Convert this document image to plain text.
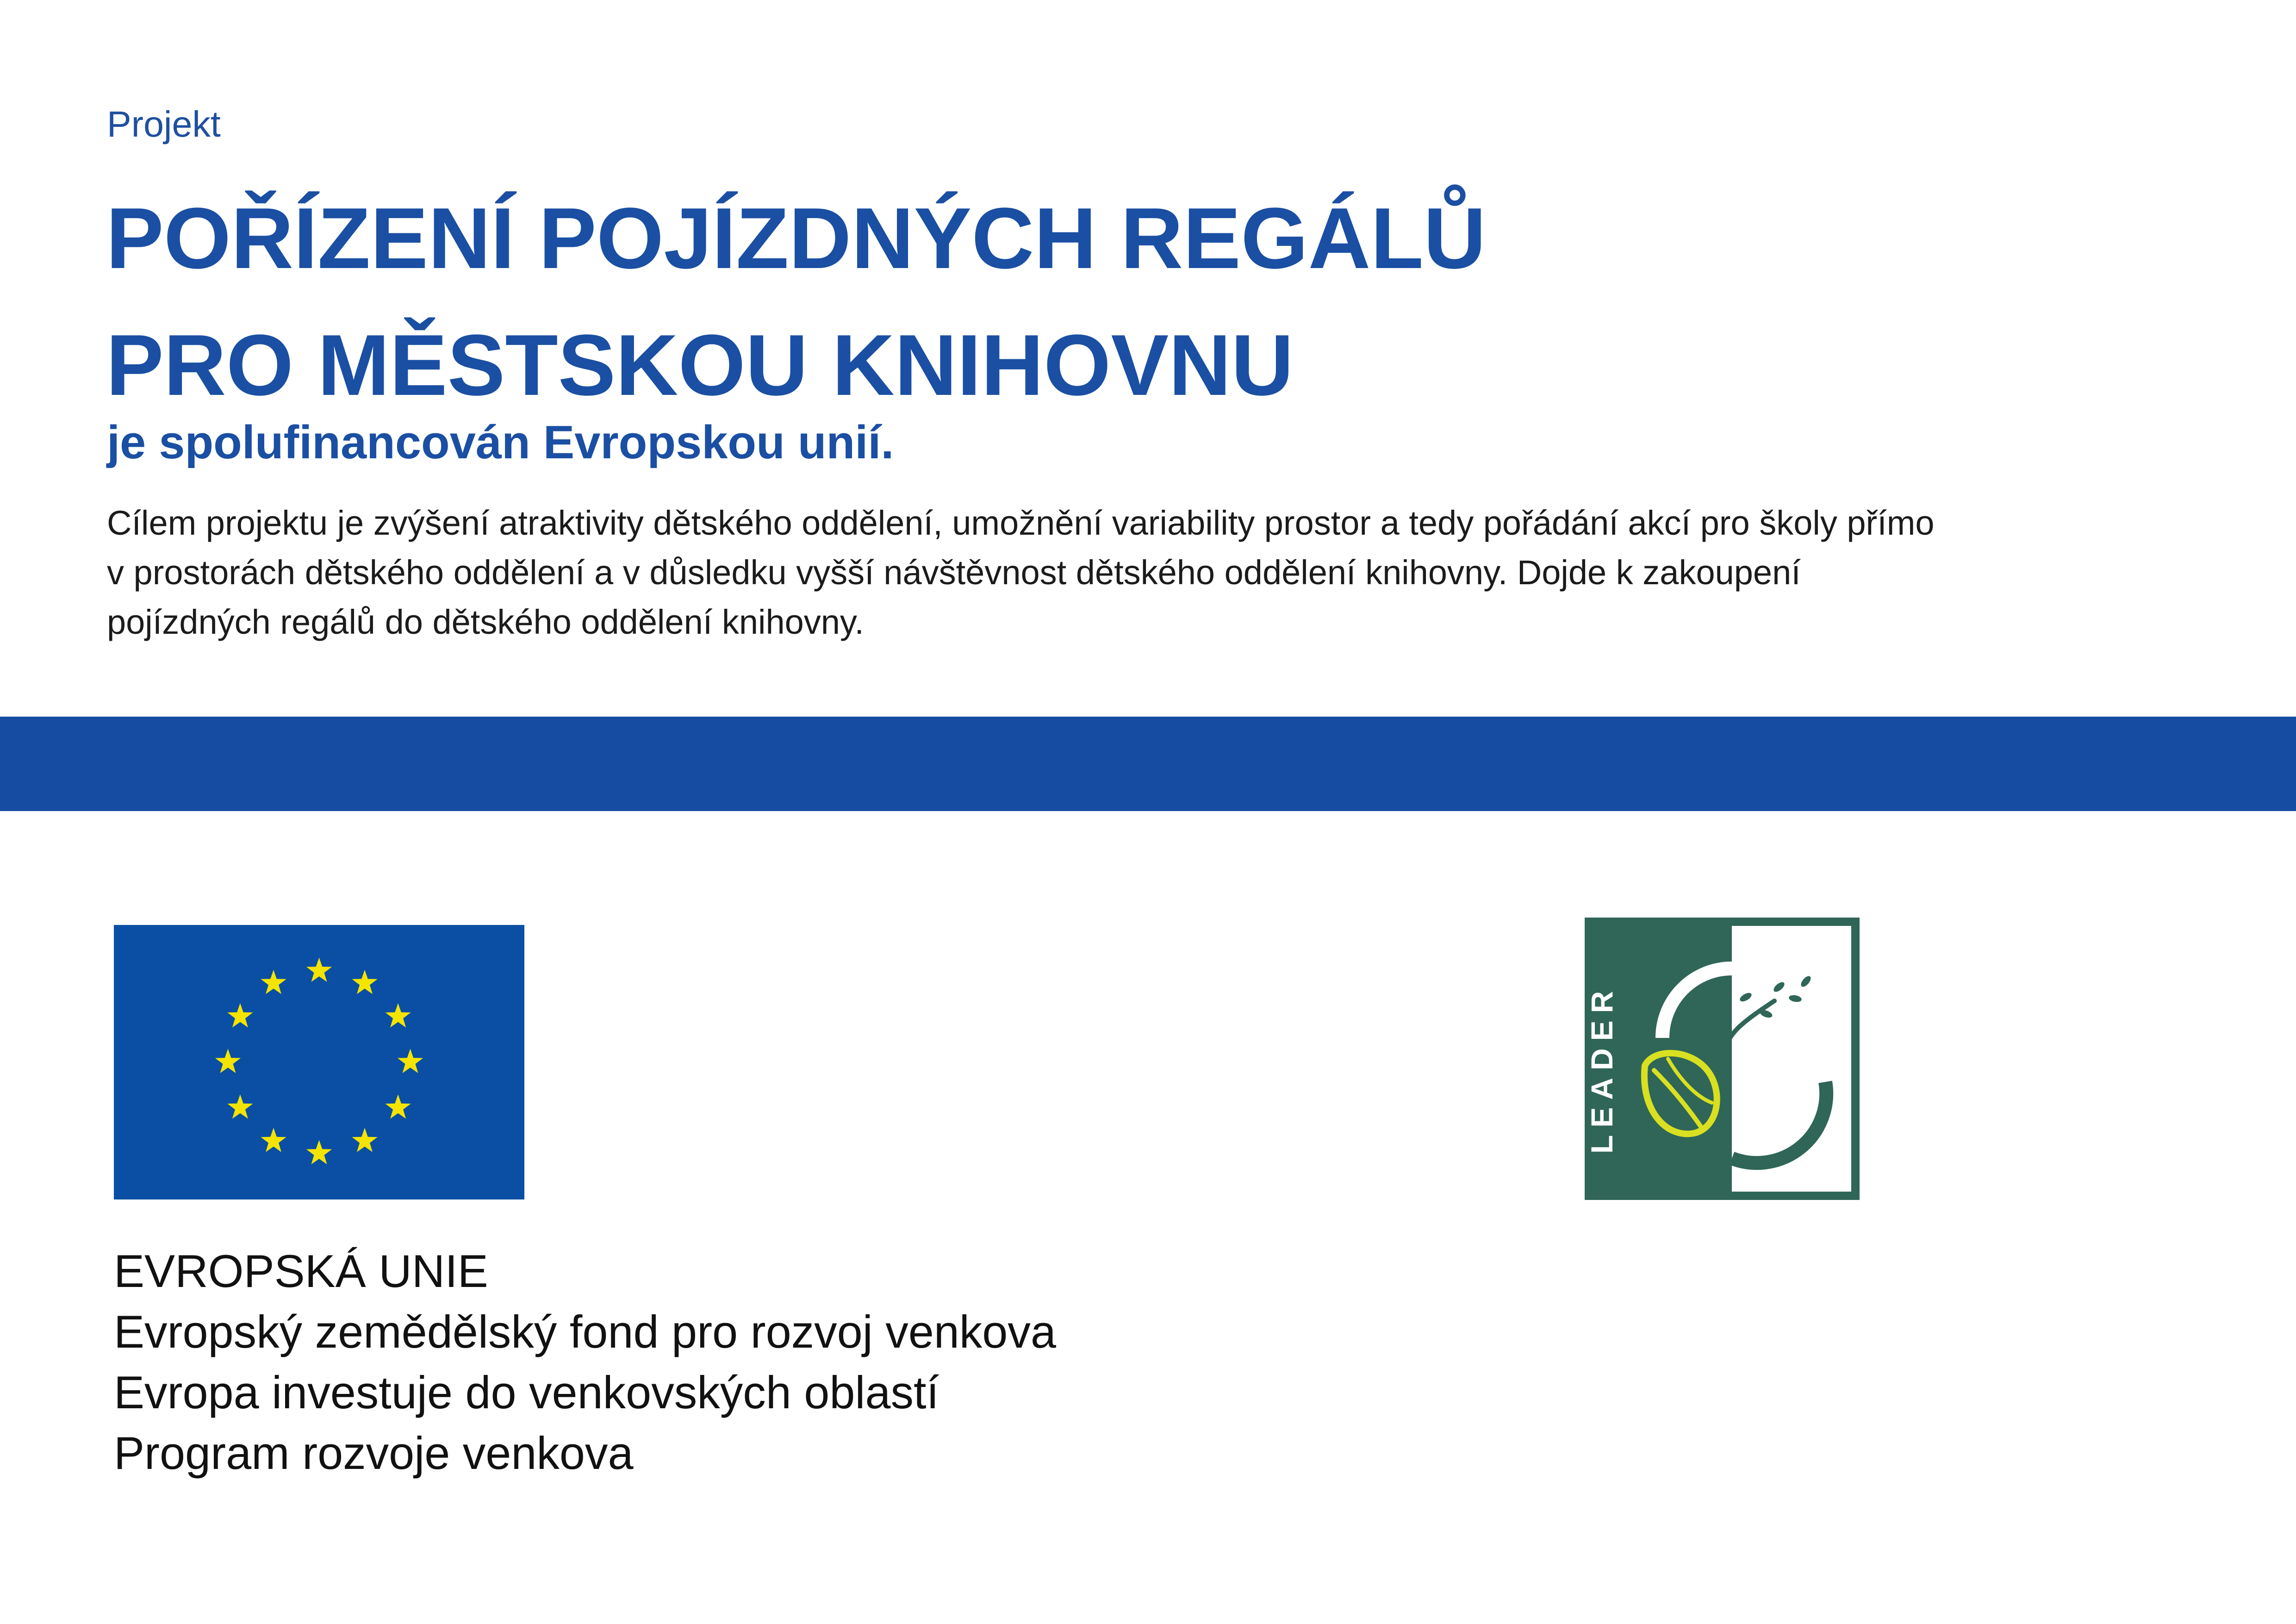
Projekt
POŘÍZENÍ POJÍZDNÝCH REGÁLŮ
PRO MĚSTSKOU KNIHOVNU
je spolufinancován Evropskou unií.
Cílem projektu je zvýšení atraktivity dětského oddělení, umožnění variability prostor a tedy pořádání akcí pro školy přímo
v prostorách dětského oddělení a v důsledku vyšší návštěvnost dětského oddělení knihovny. Dojde k zakoupení
pojízdných regálů do dětského oddělení knihovny.
EVROPSKÁ UNIE
Evropský zemědělský fond pro rozvoj venkova
Evropa investuje do venkovských oblastí
Program rozvoje venkova
LEADER
